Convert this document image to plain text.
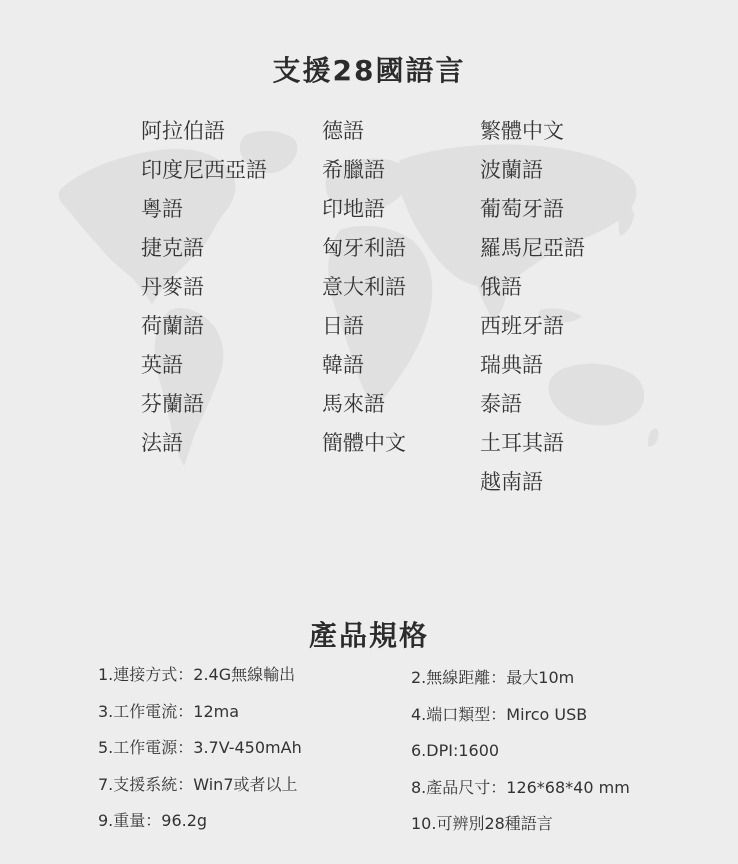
支援28國語言
阿拉伯語
印度尼西亞語
粵語
捷克語
丹麥語
荷蘭語
英語
芬蘭語
法語
德語
希臘語
印地語
匈牙利語
意大利語
日語
韓語
馬來語
簡體中文
繁體中文
波蘭語
葡萄牙語
羅馬尼亞語
俄語
西班牙語
瑞典語
泰語
土耳其語
越南語
產品規格
1.連接方式：2.4G無線輸出
3.工作電流：12ma
5.工作電源：3.7V-450mAh
7.支援系統：Win7或者以上
9.重量：96.2g
2.無線距離：最大10m
4.端口類型：Mirco USB
6.DPI:1600
8.產品尺寸：126*68*40 mm
10.可辨別28種語言
